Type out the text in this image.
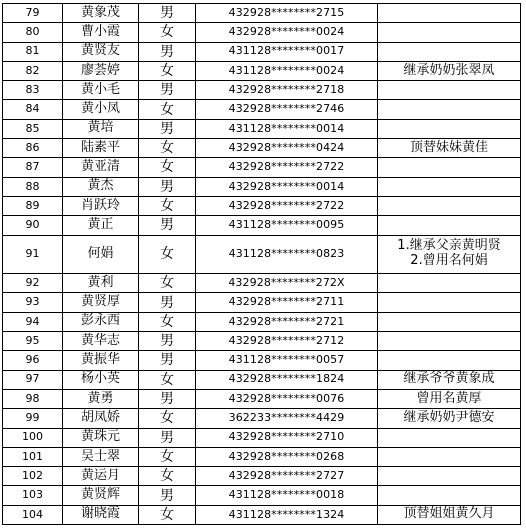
79	黄象茂	男	432928********2715	
80	曹小霞	女	432928********0024	
81	黄贤友	男	431128********0017	
82	廖荟婷	女	431128********0024	继承奶奶张翠凤

83	黄小毛	男	432928********2718	
84	黄小凤	女	432928********2746	
85	黄培	男	431128********0014	
86	陆素平	女	432928********0424	顶替妹妹黄佳

87	黄亚清	女	432928********2722	
88	黄杰	男	432928********0014	
89	肖跃玲	女	432928********2722	
90	黄正	男	431128********0095	
91	何娟	女	431128********0823	1.继承父亲黄明贤
2.曾用名何娟

92	黄利	女	432928********272X	
93	黄贤厚	男	432928********2711	
94	彭永西	女	432928********2721	
95	黄华志	男	432928********2712	
96	黄振华	男	431128********0057	
97	杨小英	女	432928********1824	继承爷爷黄象成

98	黄勇	男	432928********0076	曾用名黄厚

99	胡凤娇	女	362233********4429	继承奶奶尹德安

100	黄珠元	男	432928********2710	
101	吴士翠	女	432928********0268	
102	黄运月	女	432928********2727	
103	黄贤辉	男	431128********0018	
104	谢晓霞	女	431128********1324	顶替姐姐黄久月
